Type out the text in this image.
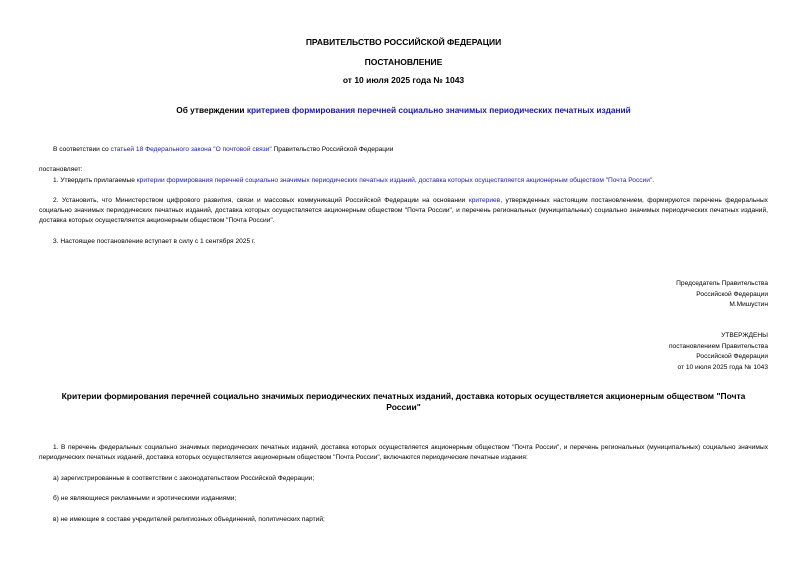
ПРАВИТЕЛЬСТВО РОССИЙСКОЙ ФЕДЕРАЦИИ
ПОСТАНОВЛЕНИЕ
от 10 июля 2025 года № 1043
Об утверждении критериев формирования перечней социально значимых периодических печатных изданий
В соответствии со статьей 18 Федерального закона "О почтовой связи" Правительство Российской Федерации
постановляет:
1. Утвердить прилагаемые критерии формирования перечней социально значимых периодических печатных изданий, доставка которых осуществляется акционерным обществом "Почта России".
2. Установить, что Министерством цифрового развития, связи и массовых коммуникаций Российской Федерации на основании критериев, утвержденных настоящим постановлением, формируются перечень федеральных социально значимых периодических печатных изданий, доставка которых осуществляется акционерным обществом "Почта России", и перечень региональных (муниципальных) социально значимых периодических печатных изданий, доставка которых осуществляется акционерным обществом "Почта России".
3. Настоящее постановление вступает в силу с 1 сентября 2025 г.
Председатель Правительства
Российской Федерации
М.Мишустин
УТВЕРЖДЕНЫ
постановлением Правительства
Российской Федерации
от 10 июля 2025 года № 1043
Критерии формирования перечней социально значимых периодических печатных изданий, доставка которых осуществляется акционерным обществом "Почта России"
1. В перечень федеральных социально значимых периодических печатных изданий, доставка которых осуществляется акционерным обществом "Почта России", и перечень региональных (муниципальных) социально значимых периодических печатных изданий, доставка которых осуществляется акционерным обществом "Почта России", включаются периодические печатные издания:
а) зарегистрированные в соответствии с законодательством Российской Федерации;
б) не являющиеся рекламными и эротическими изданиями;
в) не имеющие в составе учредителей религиозных объединений, политических партий;
